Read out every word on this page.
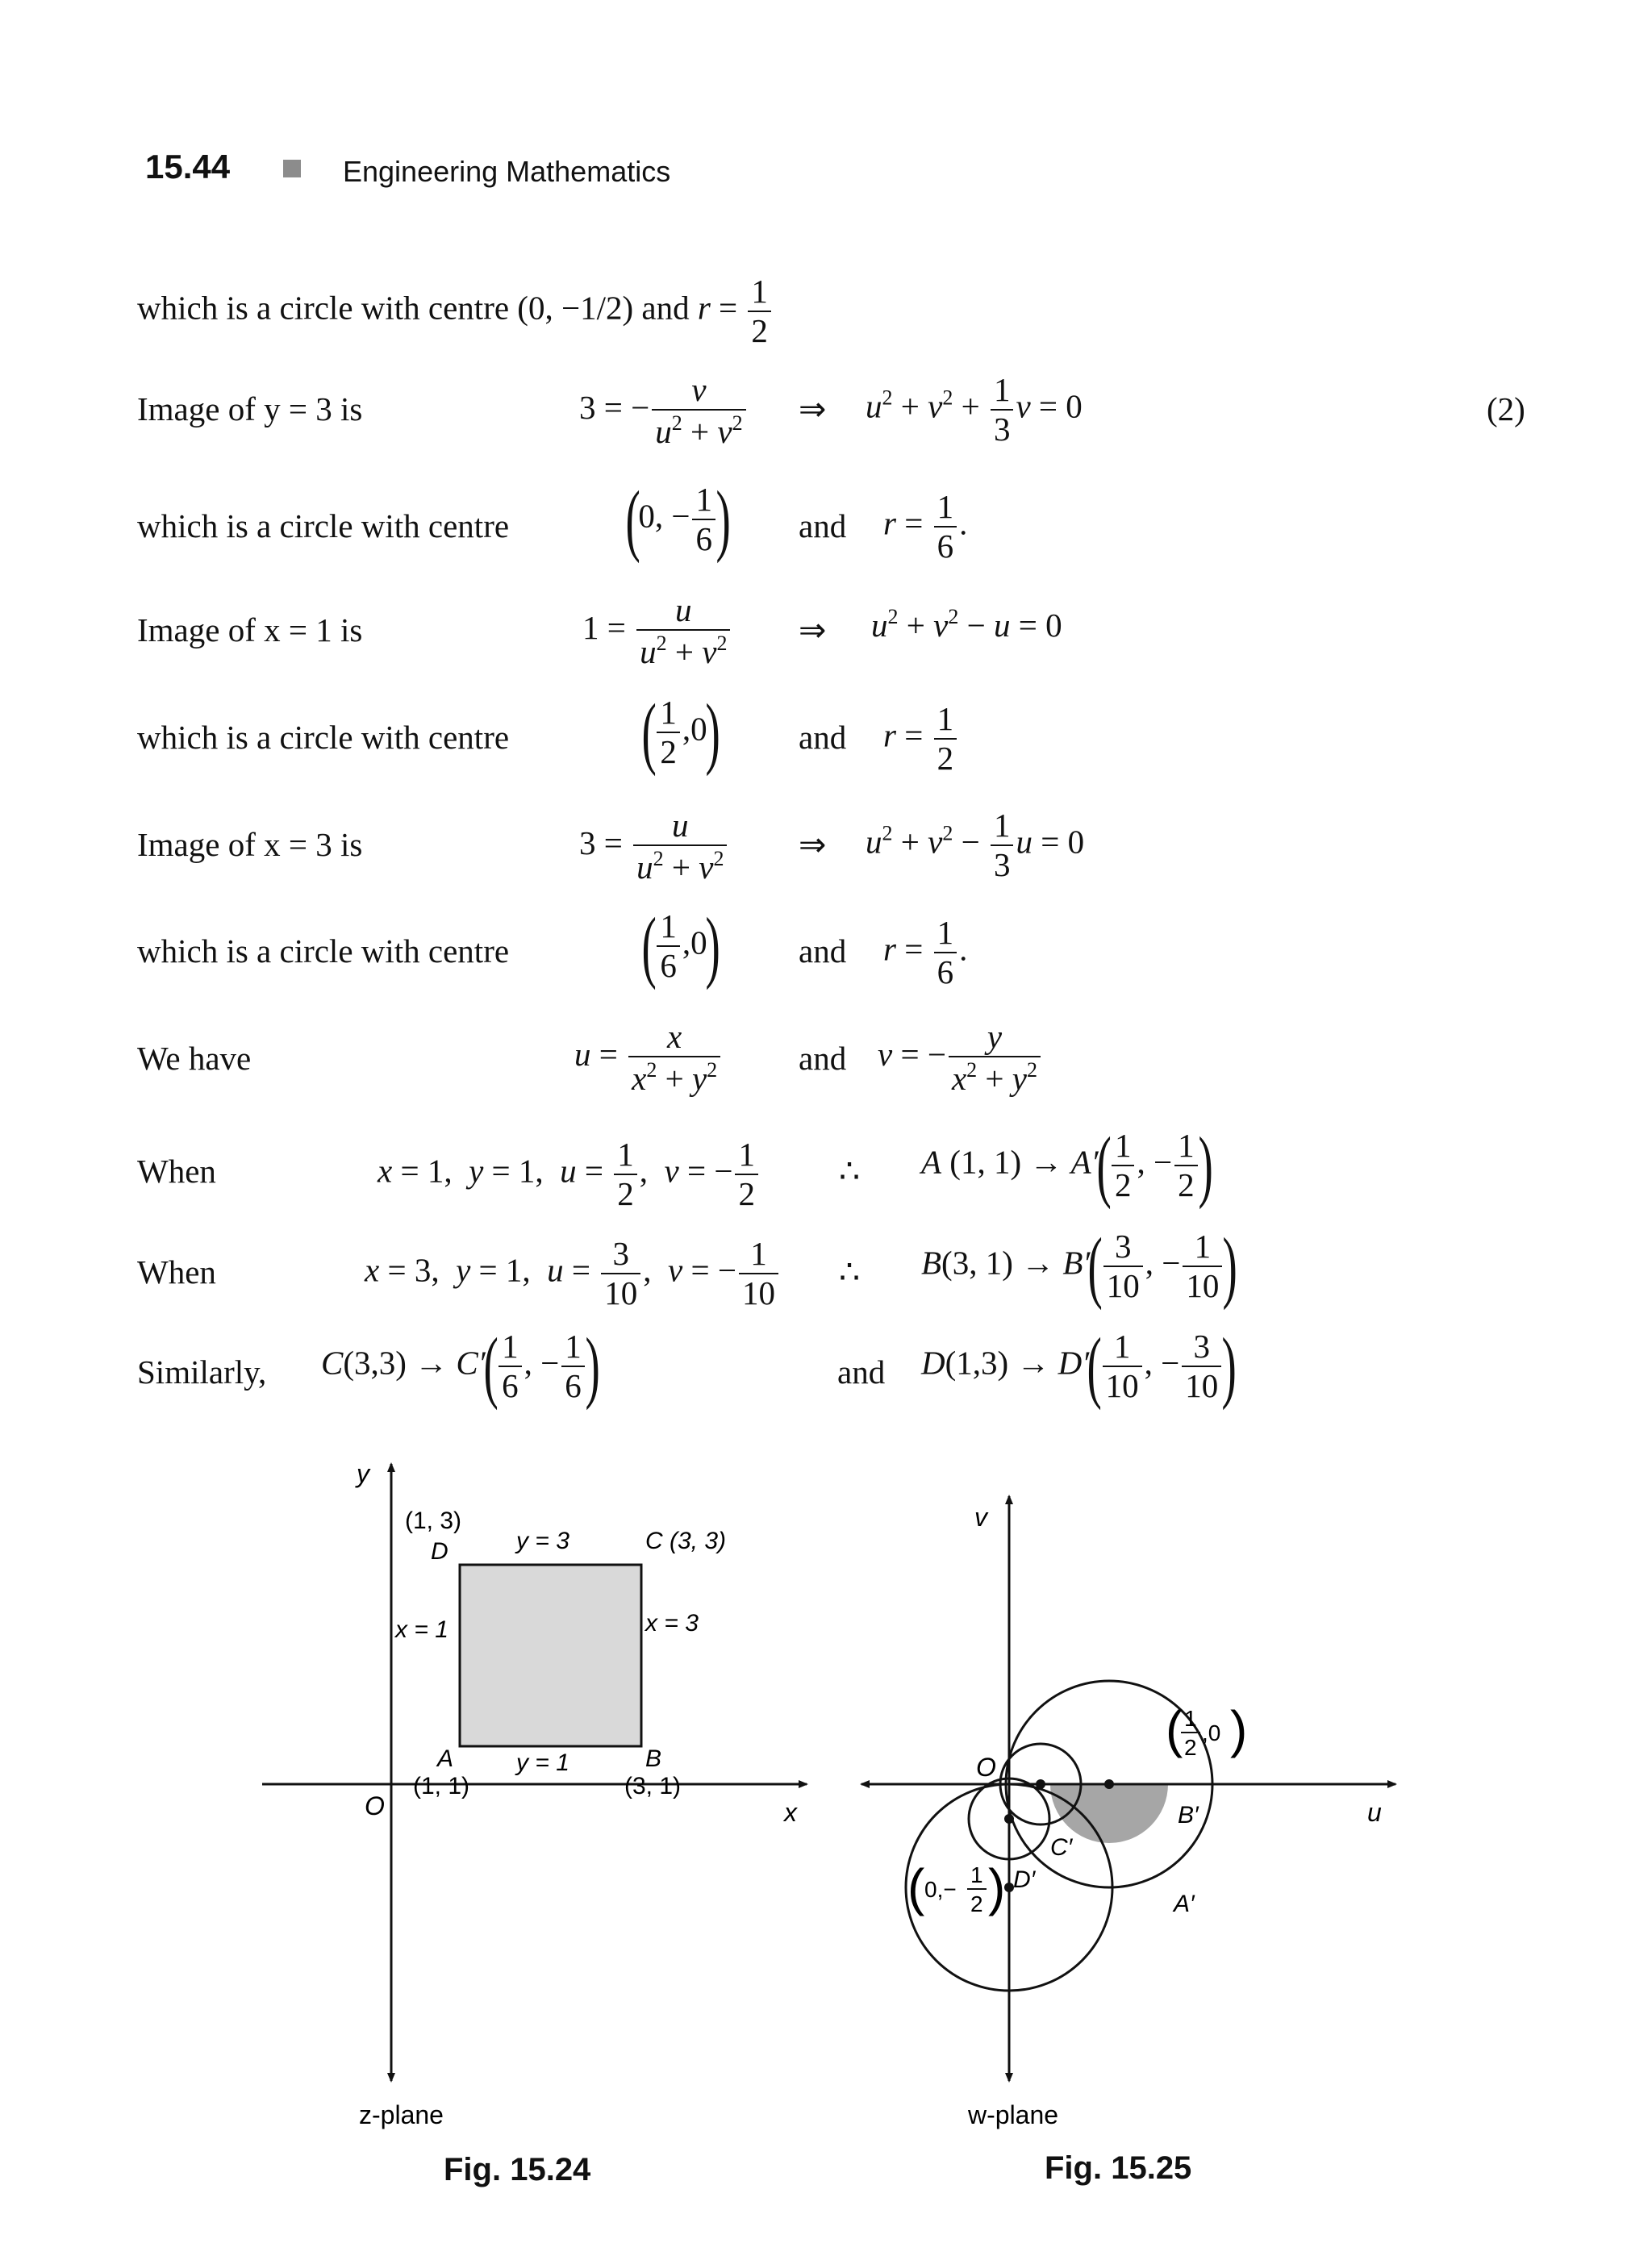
15.44	Engineering Mathematics
which is a circle with centre (0, −1/2) and $r = \frac{1}{2}$
Image of y = 3 is	3 = − $\frac{v}{u^2 + v^2}$ ⇒ $u^2 + v^2 + \frac{1}{3}$ v = 0	(2)
which is a circle with centre (0, − $\frac{1}{6}$ ) and $r = \frac{1}{6}$ .
Image of x = 1 is	$1 = \frac{u}{u^2 + v^2}$ ⇒ $u^2 + v^2 - u = 0$
which is a circle with centre ( $\frac{1}{2} ,0$) and $r = \frac{1}{2}$
Image of x = 3 is	$3 = \frac{u}{u^2 + v^2}$ ⇒ $u^2 + v^2 - \frac{1}{3}$ u = 0
which is a circle with centre ( $\frac{1}{6} ,0$) and $r = \frac{1}{6}$ .
We have	$u = \frac{x}{x^2 + y^2}$ and v = − $\frac{y}{x^2 + y^2}$
When	x = 1,  y = 1,  $u = \frac{1}{2}$ ,  v = − $\frac{1}{2}$ ∴ A (1, $1) \to A'( \frac{1}{2}$ , − $\frac{1}{2}$ )
When	x = 3,  y = 1,  $u = \frac{3}{10}$ ,  v = − $\frac{1}{10}$ ∴ B(3, $1) \to B'( \frac{3}{10}$ , − $\frac{1}{10}$ )
Similarly, $C(3,3) \to C'( \frac{1}{6}$ , − $\frac{1}{6}$ )	and $D(1,3) \to D'( \frac{1}{10}$ , − $\frac{3}{10}$ )
y
x
O
(1, 3)
D	y = 3	C (3, 3)
x = 1	x = 3
A
(1, 1)
y = 1	B
(3, 1)
z-plane
Fig. 15.24
v
u
O
B′
C′
D′
A′
( 1
2
,0 )
( 0,−
1
2 )
w-plane
Fig. 15.25
